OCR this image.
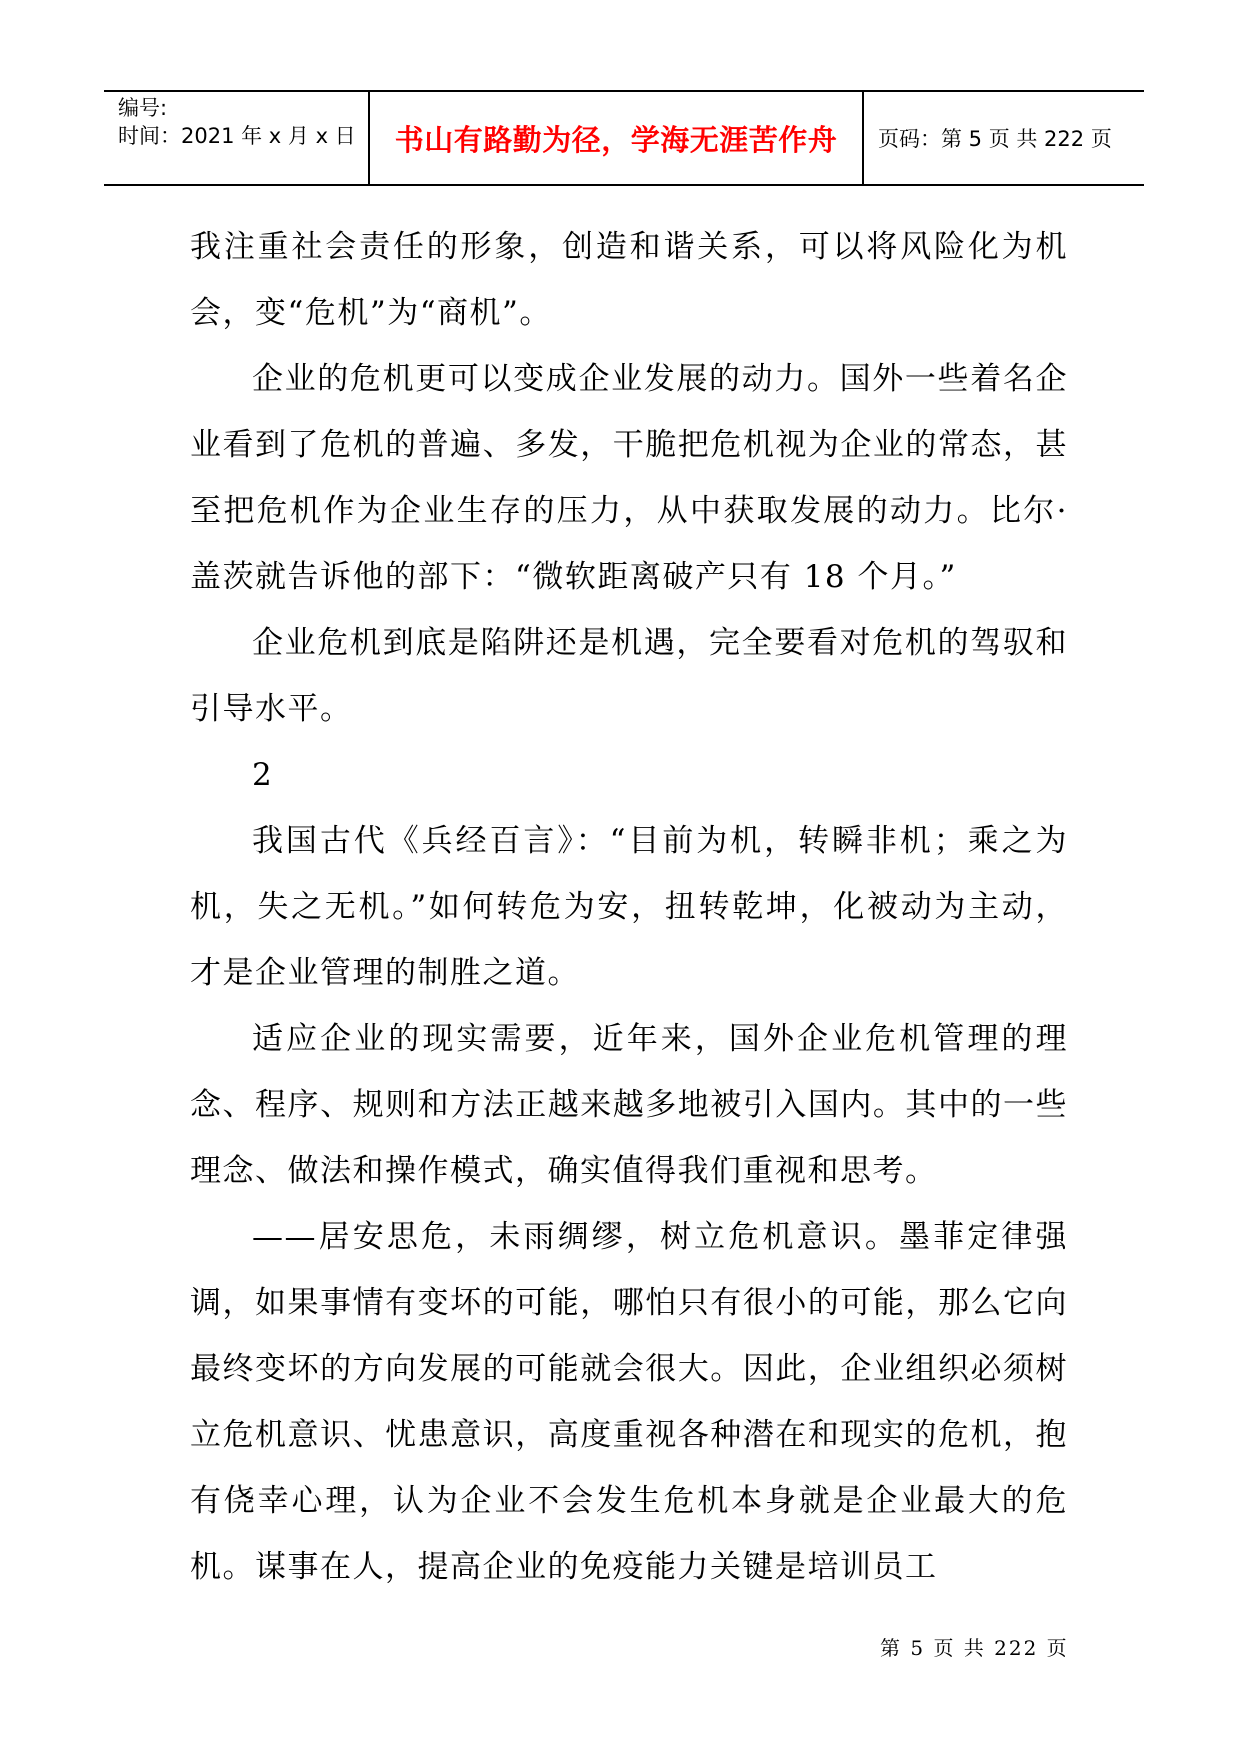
编号:
时间：2021 年 x 月 x 日	书山有路勤为径，学海无涯苦作舟	页码：第 5 页 共 222 页

我注重社会责任的形象，创造和谐关系，可以将风险化为机会，变“危机”为“商机”。

企业的危机更可以变成企业发展的动力。国外一些着名企业看到了危机的普遍、多发，干脆把危机视为企业的常态，甚至把危机作为企业生存的压力，从中获取发展的动力。比尔·盖茨就告诉他的部下：“微软距离破产只有 18 个月。”

企业危机到底是陷阱还是机遇，完全要看对危机的驾驭和引导水平。

2

我国古代《兵经百言》：“目前为机，转瞬非机；乘之为机，失之无机。”如何转危为安，扭转乾坤，化被动为主动，才是企业管理的制胜之道。

适应企业的现实需要，近年来，国外企业危机管理的理念、程序、规则和方法正越来越多地被引入国内。其中的一些理念、做法和操作模式，确实值得我们重视和思考。

——居安思危，未雨绸缪，树立危机意识。墨菲定律强调，如果事情有变坏的可能，哪怕只有很小的可能，那么它向最终变坏的方向发展的可能就会很大。因此，企业组织必须树立危机意识、忧患意识，高度重视各种潜在和现实的危机，抱有侥幸心理，认为企业不会发生危机本身就是企业最大的危机。谋事在人，提高企业的免疫能力关键是培训员工

第 5 页 共 222 页
